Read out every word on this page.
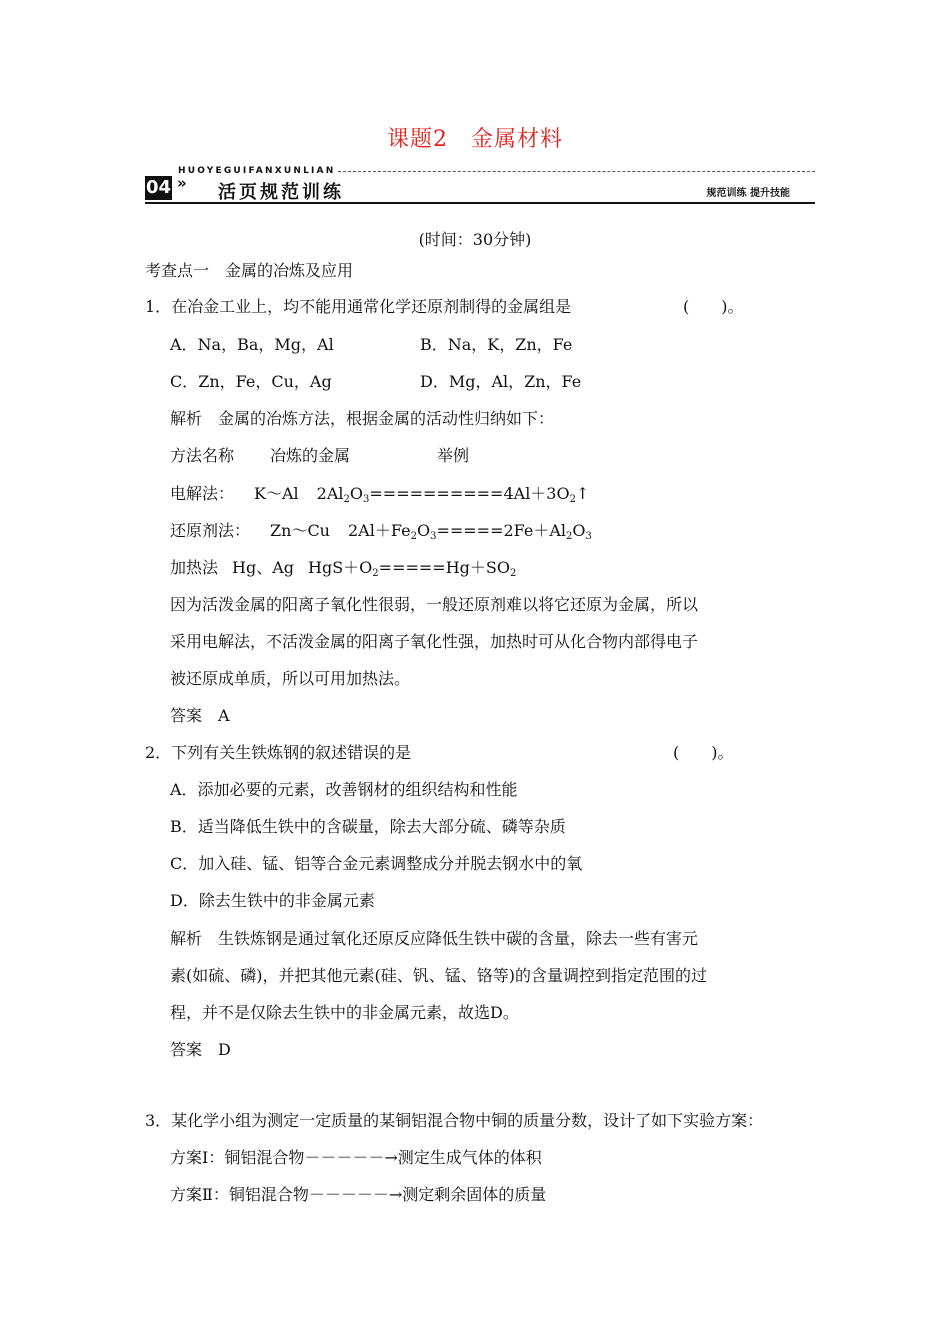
课题2　金属材料
HUOYEGUIFANXUNLIAN
04 » 活页规范训练	规范训练 提升技能
(时间：30分钟)
考查点一　金属的冶炼及应用
1．在冶金工业上，均不能用通常化学还原剂制得的金属组是	(　　)。
A．Na，Ba，Mg，Al	B．Na，K，Zn，Fe
C．Zn，Fe，Cu，Ag	D．Mg，Al，Zn，Fe
解析　金属的冶炼方法，根据金属的活动性归纳如下：
方法名称 冶炼的金属	举例
电解法： K～Al $2Al_2O_3==========4Al+3O_2↑$
还原剂法： Zn～Cu $2Al+Fe_2O_3=====2Fe+Al_2O_3$
加热法 Hg、Ag $HgS+O_2=====Hg+SO_2$
因为活泼金属的阳离子氧化性很弱，一般还原剂难以将它还原为金属，所以
采用电解法，不活泼金属的阳离子氧化性强，加热时可从化合物内部得电子
被还原成单质，所以可用加热法。
答案　A
2．下列有关生铁炼钢的叙述错误的是	(　　)。
A．添加必要的元素，改善钢材的组织结构和性能
B．适当降低生铁中的含碳量，除去大部分硫、磷等杂质
C．加入硅、锰、铝等合金元素调整成分并脱去钢水中的氧
D．除去生铁中的非金属元素
解析　生铁炼钢是通过氧化还原反应降低生铁中碳的含量，除去一些有害元
素(如硫、磷)，并把其他元素(硅、钒、锰、铬等)的含量调控到指定范围的过
程，并不是仅除去生铁中的非金属元素，故选D。
答案　D
3．某化学小组为测定一定质量的某铜铝混合物中铜的质量分数，设计了如下实验方案：
方案Ⅰ：铜铝混合物－－－－－→测定生成气体的体积
方案Ⅱ：铜铝混合物－－－－－→测定剩余固体的质量
